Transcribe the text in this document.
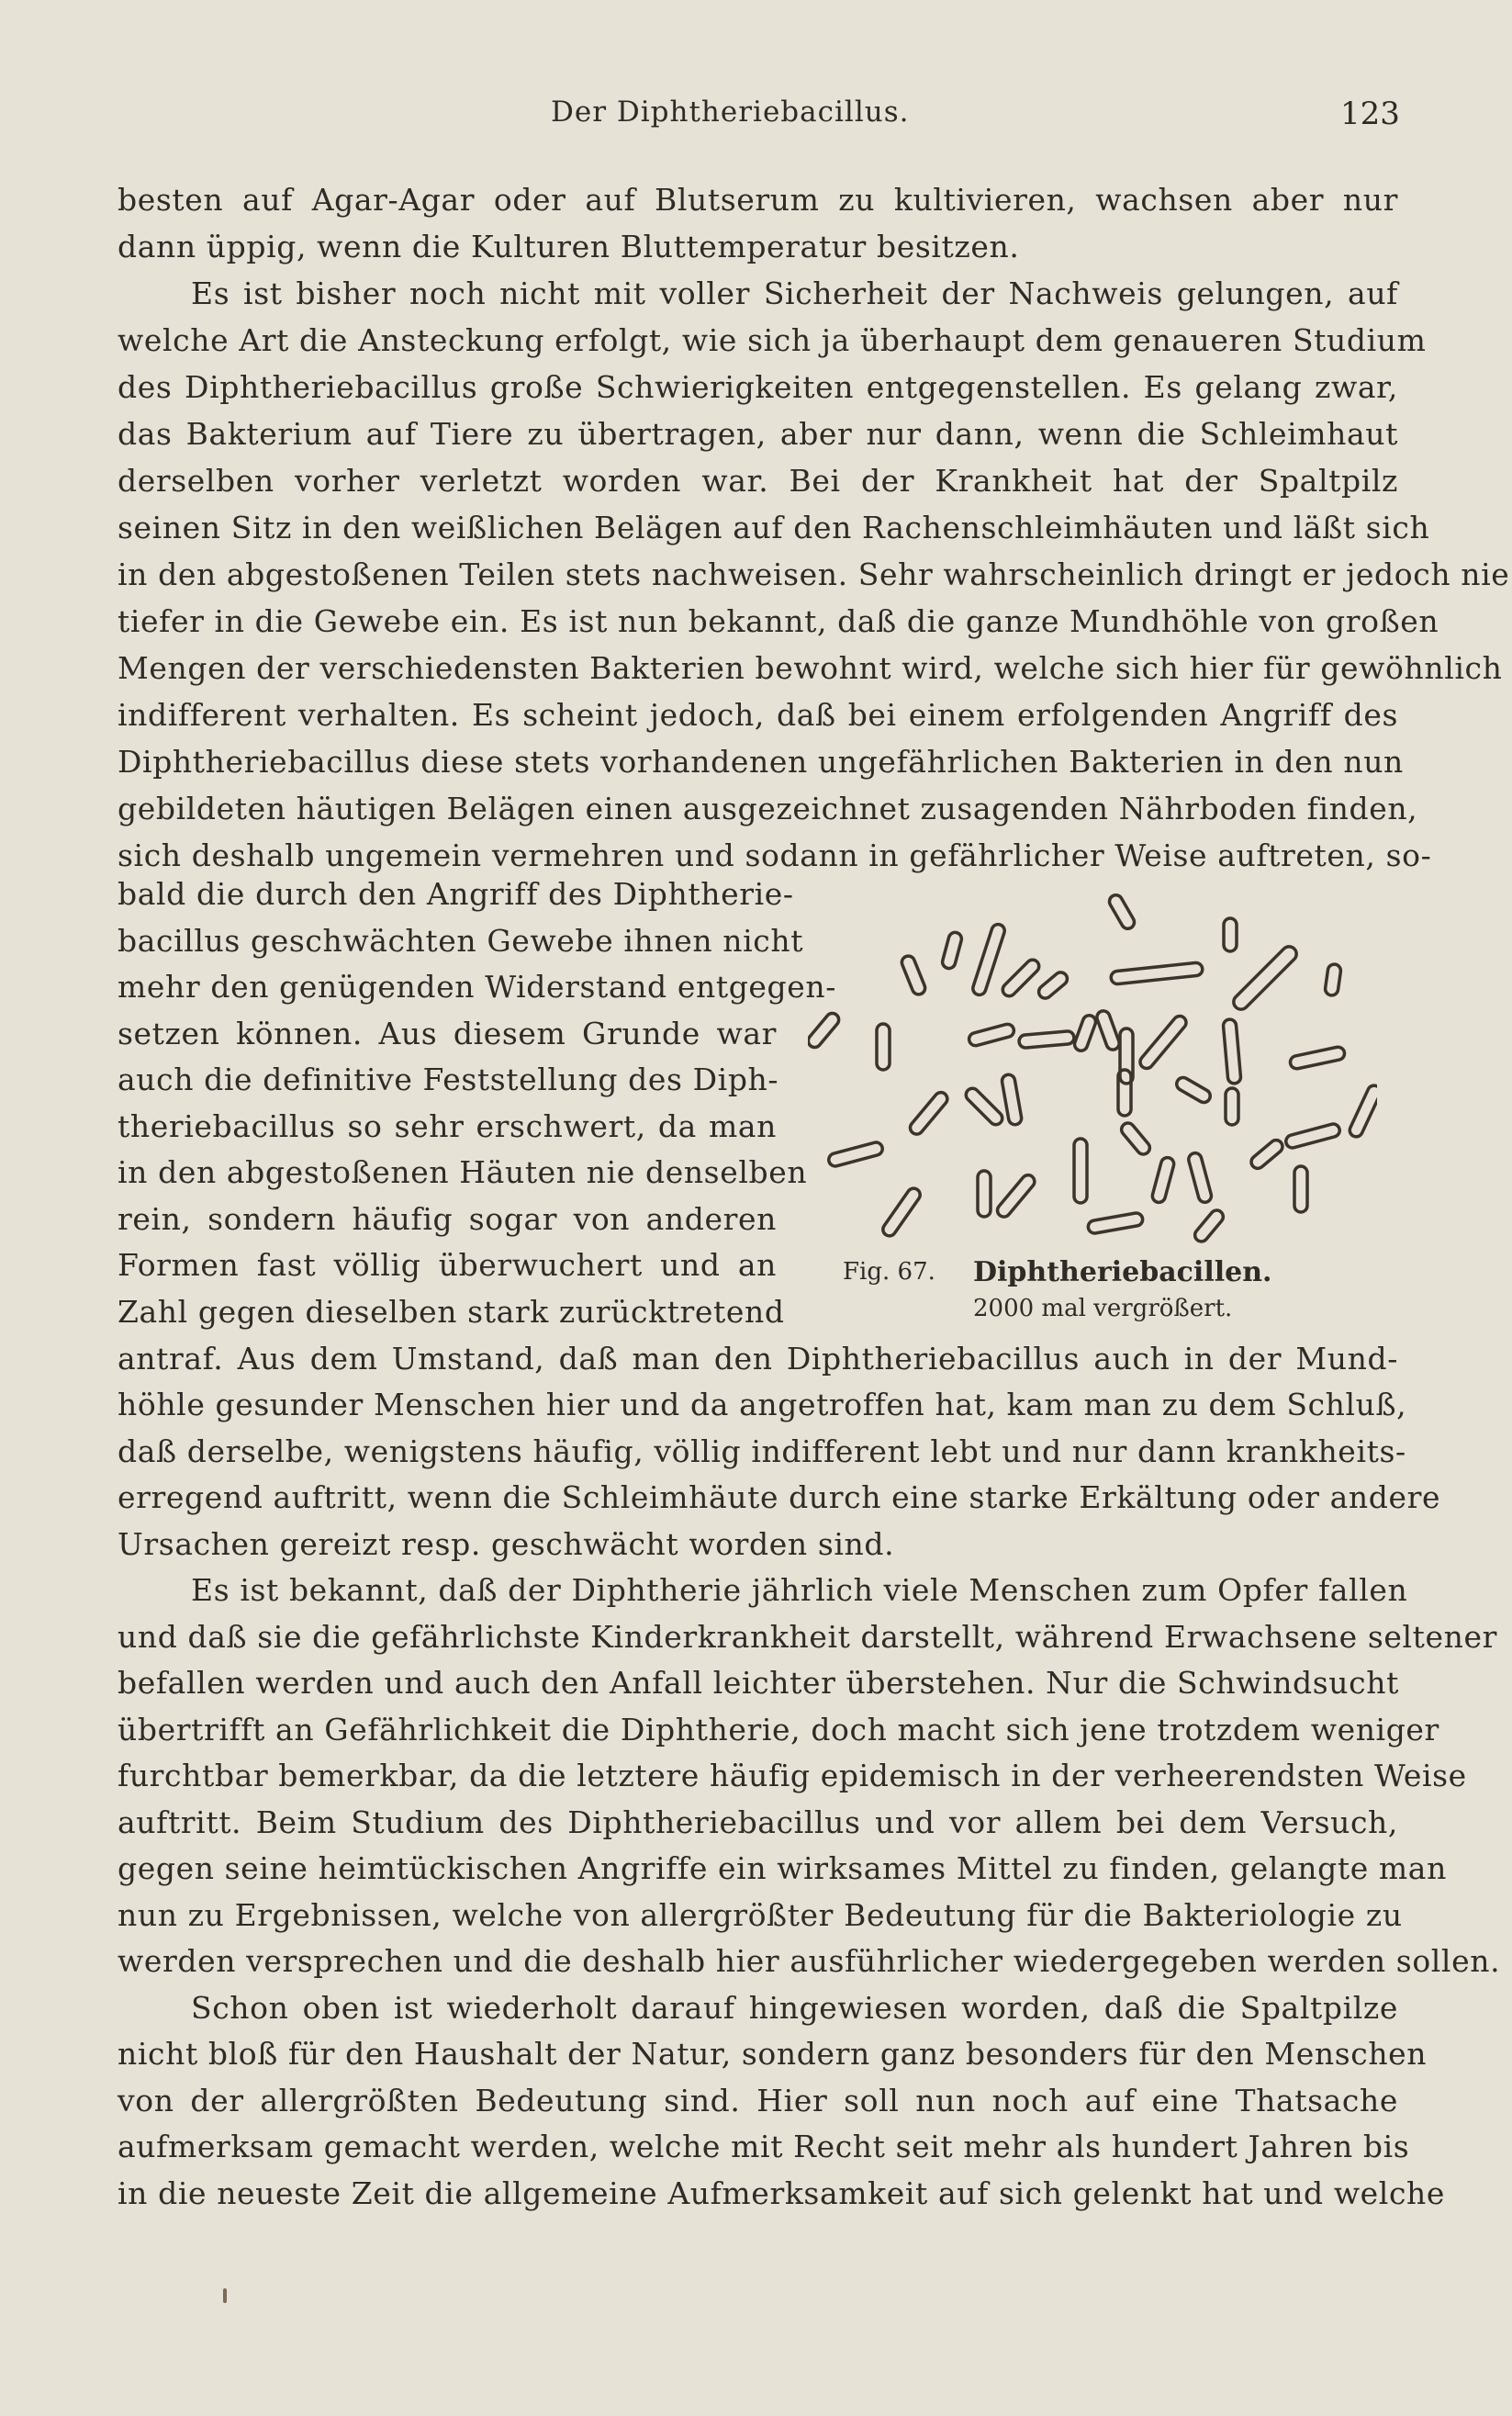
Der Diphtheriebacillus.	123
besten auf Agar-Agar oder auf Blutserum zu kultivieren, wachsen aber nur
dann üppig, wenn die Kulturen Bluttemperatur besitzen.
Es ist bisher noch nicht mit voller Sicherheit der Nachweis gelungen, auf
welche Art die Ansteckung erfolgt, wie sich ja überhaupt dem genaueren Studium
des Diphtheriebacillus große Schwierigkeiten entgegenstellen. Es gelang zwar,
das Bakterium auf Tiere zu übertragen, aber nur dann, wenn die Schleimhaut
derselben vorher verletzt worden war. Bei der Krankheit hat der Spaltpilz
seinen Sitz in den weißlichen Belägen auf den Rachenschleimhäuten und läßt sich
in den abgestoßenen Teilen stets nachweisen. Sehr wahrscheinlich dringt er jedoch nie
tiefer in die Gewebe ein. Es ist nun bekannt, daß die ganze Mundhöhle von großen
Mengen der verschiedensten Bakterien bewohnt wird, welche sich hier für gewöhnlich
indifferent verhalten. Es scheint jedoch, daß bei einem erfolgenden Angriff des
Diphtheriebacillus diese stets vorhandenen ungefährlichen Bakterien in den nun
gebildeten häutigen Belägen einen ausgezeichnet zusagenden Nährboden finden,
sich deshalb ungemein vermehren und sodann in gefährlicher Weise auftreten, so-
bald die durch den Angriff des Diphtherie-
bacillus geschwächten Gewebe ihnen nicht
mehr den genügenden Widerstand entgegen-
setzen können. Aus diesem Grunde war
auch die definitive Feststellung des Diph-
theriebacillus so sehr erschwert, da man
in den abgestoßenen Häuten nie denselben
rein, sondern häufig sogar von anderen
Formen fast völlig überwuchert und an
Zahl gegen dieselben stark zurücktretend
Fig. 67. Diphtheriebacillen.
2000 mal vergrößert.
antraf. Aus dem Umstand, daß man den Diphtheriebacillus auch in der Mund-
höhle gesunder Menschen hier und da angetroffen hat, kam man zu dem Schluß,
daß derselbe, wenigstens häufig, völlig indifferent lebt und nur dann krankheits-
erregend auftritt, wenn die Schleimhäute durch eine starke Erkältung oder andere
Ursachen gereizt resp. geschwächt worden sind.
Es ist bekannt, daß der Diphtherie jährlich viele Menschen zum Opfer fallen
und daß sie die gefährlichste Kinderkrankheit darstellt, während Erwachsene seltener
befallen werden und auch den Anfall leichter überstehen. Nur die Schwindsucht
übertrifft an Gefährlichkeit die Diphtherie, doch macht sich jene trotzdem weniger
furchtbar bemerkbar, da die letztere häufig epidemisch in der verheerendsten Weise
auftritt. Beim Studium des Diphtheriebacillus und vor allem bei dem Versuch,
gegen seine heimtückischen Angriffe ein wirksames Mittel zu finden, gelangte man
nun zu Ergebnissen, welche von allergrößter Bedeutung für die Bakteriologie zu
werden versprechen und die deshalb hier ausführlicher wiedergegeben werden sollen.
Schon oben ist wiederholt darauf hingewiesen worden, daß die Spaltpilze
nicht bloß für den Haushalt der Natur, sondern ganz besonders für den Menschen
von der allergrößten Bedeutung sind. Hier soll nun noch auf eine Thatsache
aufmerksam gemacht werden, welche mit Recht seit mehr als hundert Jahren bis
in die neueste Zeit die allgemeine Aufmerksamkeit auf sich gelenkt hat und welche
